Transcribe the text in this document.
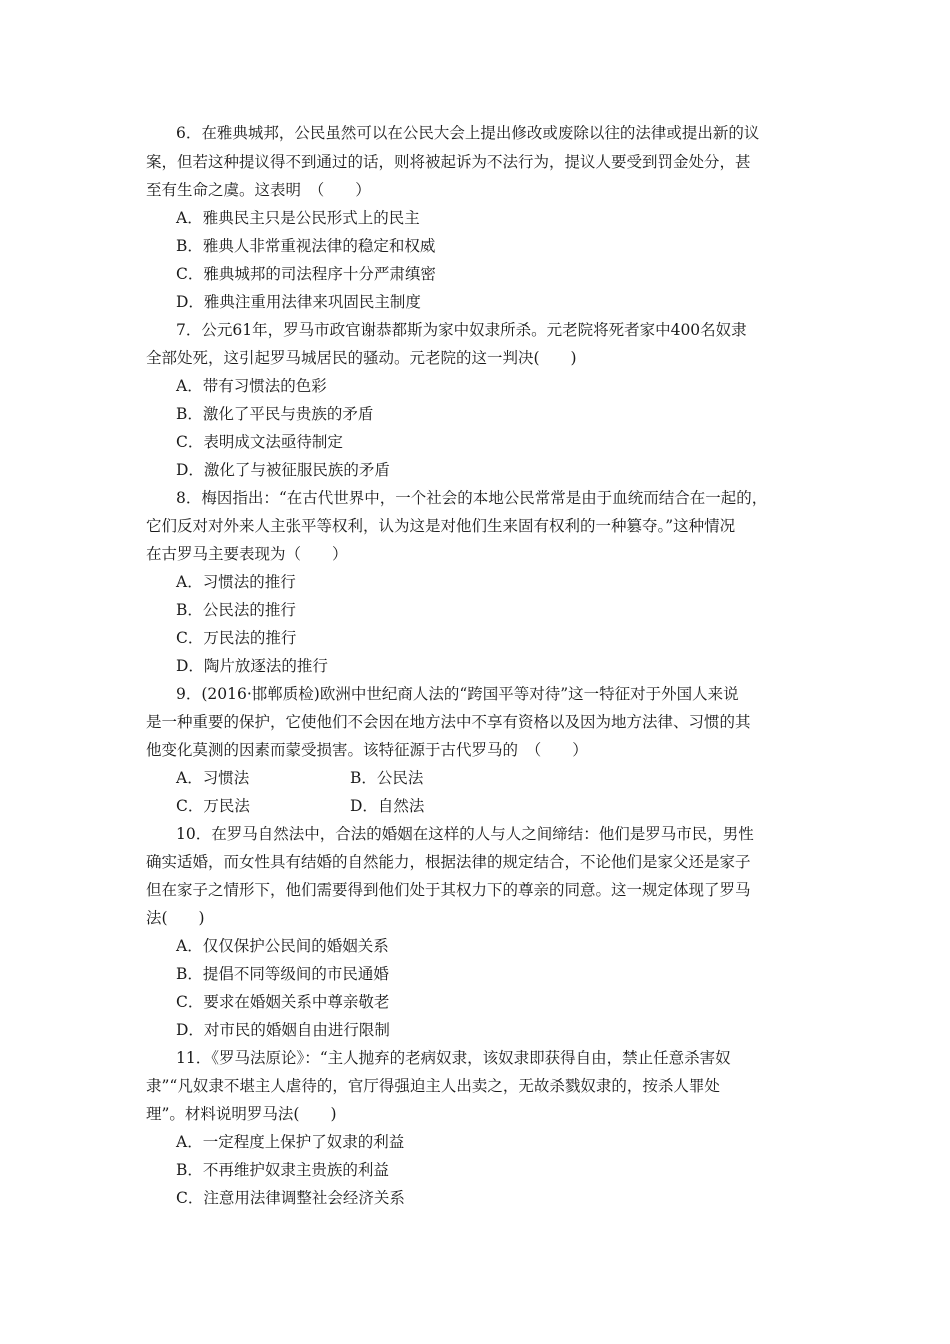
6．在雅典城邦，公民虽然可以在公民大会上提出修改或废除以往的法律或提出新的议
案，但若这种提议得不到通过的话，则将被起诉为不法行为，提议人要受到罚金处分，甚
至有生命之虞。这表明　（　　）
A．雅典民主只是公民形式上的民主
B．雅典人非常重视法律的稳定和权威
C．雅典城邦的司法程序十分严肃缜密
D．雅典注重用法律来巩固民主制度
7．公元61年，罗马市政官谢恭都斯为家中奴隶所杀。元老院将死者家中400名奴隶
全部处死，这引起罗马城居民的骚动。元老院的这一判决(　　)
A．带有习惯法的色彩
B．激化了平民与贵族的矛盾
C．表明成文法亟待制定
D．激化了与被征服民族的矛盾
8．梅因指出：“在古代世界中，一个社会的本地公民常常是由于血统而结合在一起的，
它们反对对外来人主张平等权利，认为这是对他们生来固有权利的一种篡夺。”这种情况
在古罗马主要表现为（　　）
A．习惯法的推行
B．公民法的推行
C．万民法的推行
D．陶片放逐法的推行
9．(2016·邯郸质检)欧洲中世纪商人法的“跨国平等对待”这一特征对于外国人来说
是一种重要的保护，它使他们不会因在地方法中不享有资格以及因为地方法律、习惯的其
他变化莫测的因素而蒙受损害。该特征源于古代罗马的　（　　）
A．习惯法	B．公民法
C．万民法	D．自然法
10．在罗马自然法中，合法的婚姻在这样的人与人之间缔结：他们是罗马市民，男性
确实适婚，而女性具有结婚的自然能力，根据法律的规定结合，不论他们是家父还是家子
但在家子之情形下，他们需要得到他们处于其权力下的尊亲的同意。这一规定体现了罗马
法(　　)
A．仅仅保护公民间的婚姻关系
B．提倡不同等级间的市民通婚
C．要求在婚姻关系中尊亲敬老
D．对市民的婚姻自由进行限制
11．《罗马法原论》：“主人抛弃的老病奴隶，该奴隶即获得自由，禁止任意杀害奴
隶”“凡奴隶不堪主人虐待的，官厅得强迫主人出卖之，无故杀戮奴隶的，按杀人罪处
理”。材料说明罗马法(　　)
A．一定程度上保护了奴隶的利益
B．不再维护奴隶主贵族的利益
C．注意用法律调整社会经济关系
